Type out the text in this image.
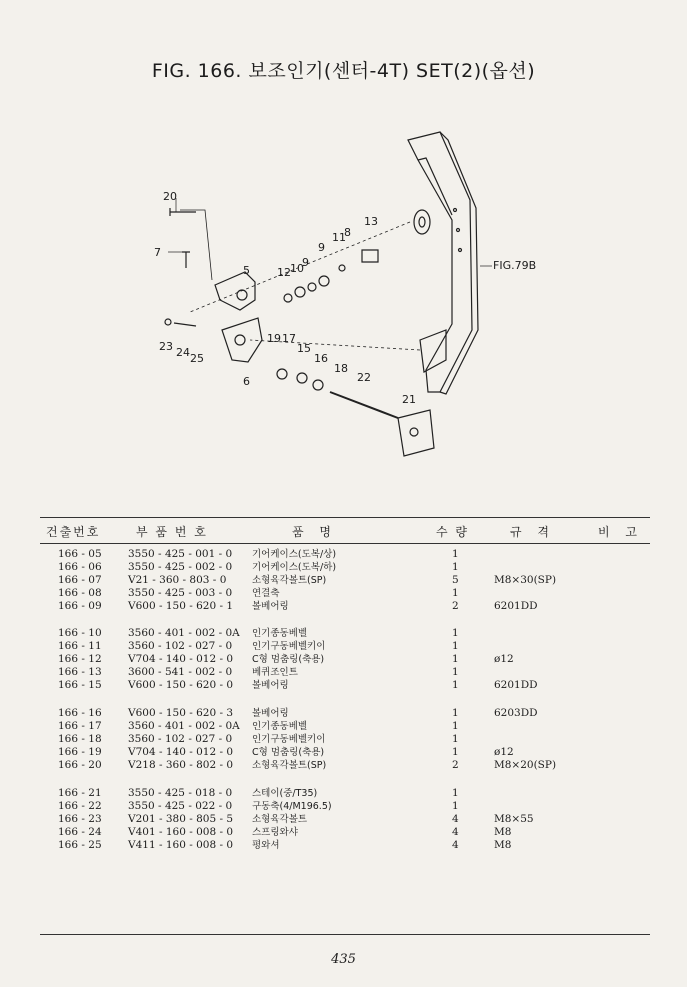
FIG. 166. 보조인기(센터-4T) SET(2)(옵션)
FIG.79B
20
7
5 12 10
9
9
11
8
13
23 24 25
19 17
15
16
18
22
6
21
건출번호	부 품 번 호	품 명	수 량	규 격	비 고
166 - 05	3550 - 425 - 001 - 0 기어케이스(도복/상)	1
166 - 06	3550 - 425 - 002 - 0 기어케이스(도복/하)	1
166 - 07	V21 - 360 - 803 - 0	소형육각볼트(SP)	5	M8×30(SP)
166 - 08	3550 - 425 - 003 - 0 연결축	1
166 - 09	V600 - 150 - 620 - 1 볼베어링	2	6201DD
166 - 10	3560 - 401 - 002 - 0A 인기종동베벨	1
166 - 11	3560 - 102 - 027 - 0 인기구동베벨키이	1
166 - 12	V704 - 140 - 012 - 0 C형 멈춤링(축용)	1	ø12
166 - 13	3600 - 541 - 002 - 0 베퀴조인트	1
166 - 15	V600 - 150 - 620 - 0 볼베어링	1	6201DD
166 - 16	V600 - 150 - 620 - 3 볼베어링	1	6203DD
166 - 17	3560 - 401 - 002 - 0A 인기종동베벨	1
166 - 18	3560 - 102 - 027 - 0 인기구동베벨키이	1
166 - 19	V704 - 140 - 012 - 0 C형 멈춤링(축용)	1	ø12
166 - 20	V218 - 360 - 802 - 0 소형육각볼트(SP)	2	M8×20(SP)
166 - 21	3550 - 425 - 018 - 0 스테이(중/T35)	1
166 - 22	3550 - 425 - 022 - 0 구동축(4/M196.5)	1
166 - 23	V201 - 380 - 805 - 5 소형육각볼트	4	M8×55
166 - 24	V401 - 160 - 008 - 0 스프링와샤	4	M8
166 - 25	V411 - 160 - 008 - 0 평와셔	4	M8
435
